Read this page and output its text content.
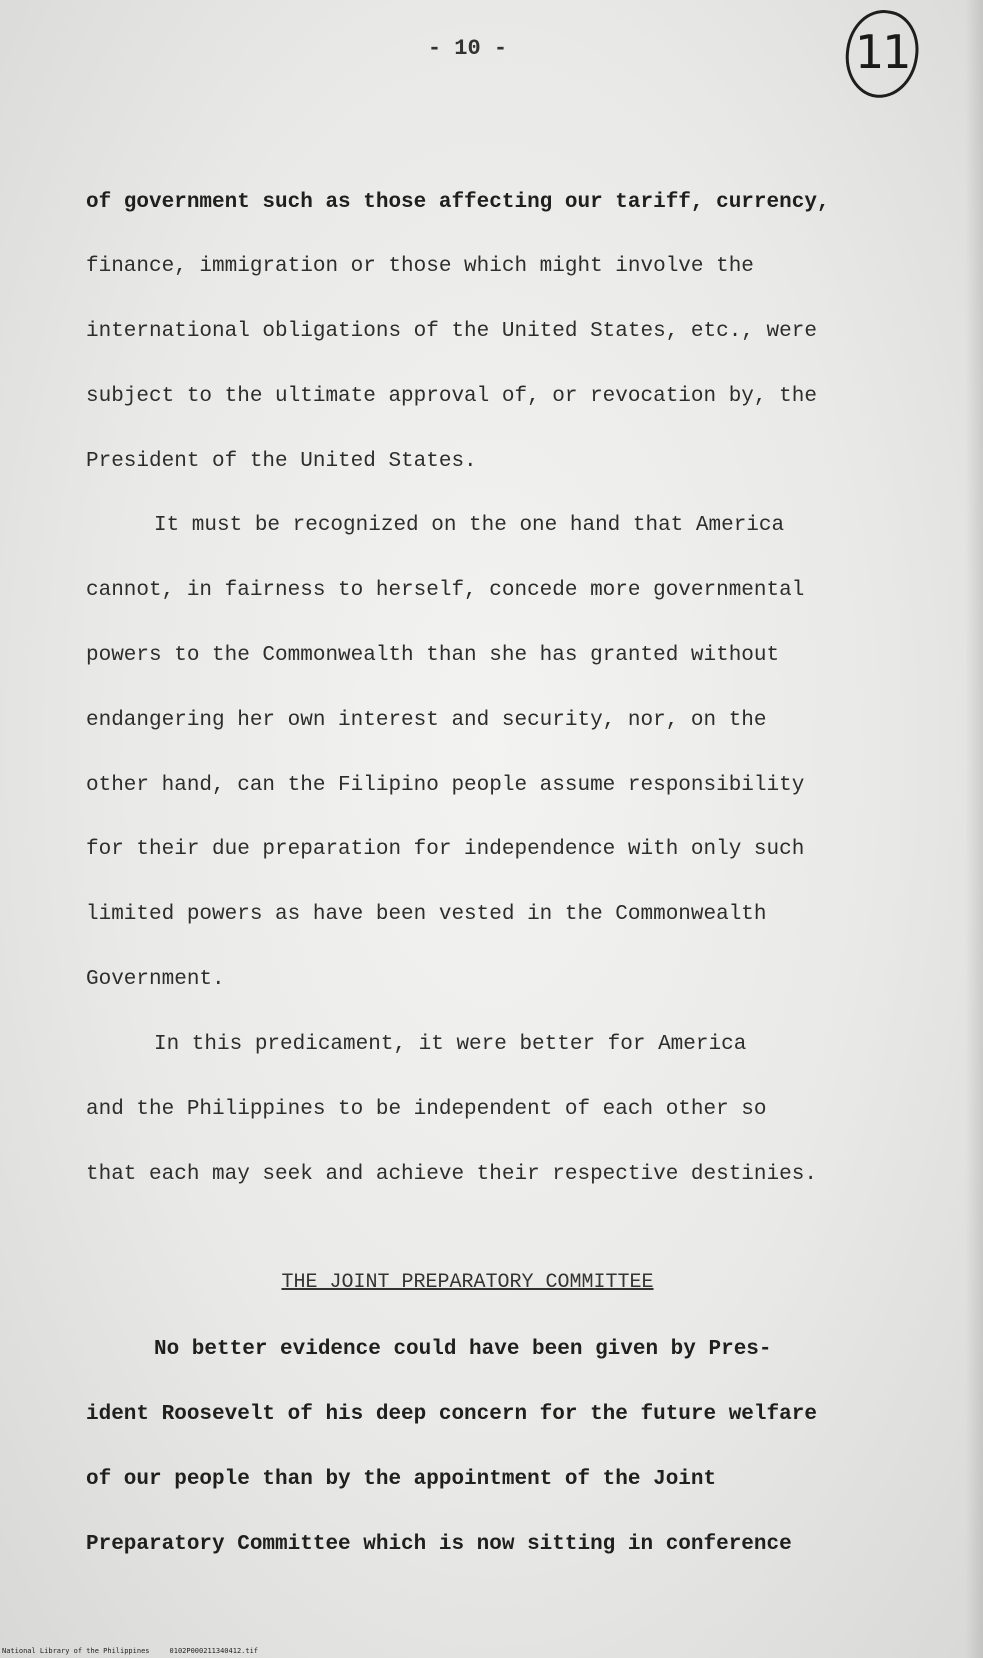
- 10 -	11
of government such as those affecting our tariff, currency,
finance, immigration or those which might involve the
international obligations of the United States, etc., were
subject to the ultimate approval of, or revocation by, the
President of the United States.
It must be recognized on the one hand that America
cannot, in fairness to herself, concede more governmental
powers to the Commonwealth than she has granted without
endangering her own interest and security, nor, on the
other hand, can the Filipino people assume responsibility
for their due preparation for independence with only such
limited powers as have been vested in the Commonwealth
Government.
In this predicament, it were better for America
and the Philippines to be independent of each other so
that each may seek and achieve their respective destinies.
THE JOINT PREPARATORY COMMITTEE
No better evidence could have been given by Pres-
ident Roosevelt of his deep concern for the future welfare
of our people than by the appointment of the Joint
Preparatory Committee which is now sitting in conference
National Library of the Philippines	0102P000211340412.tif
